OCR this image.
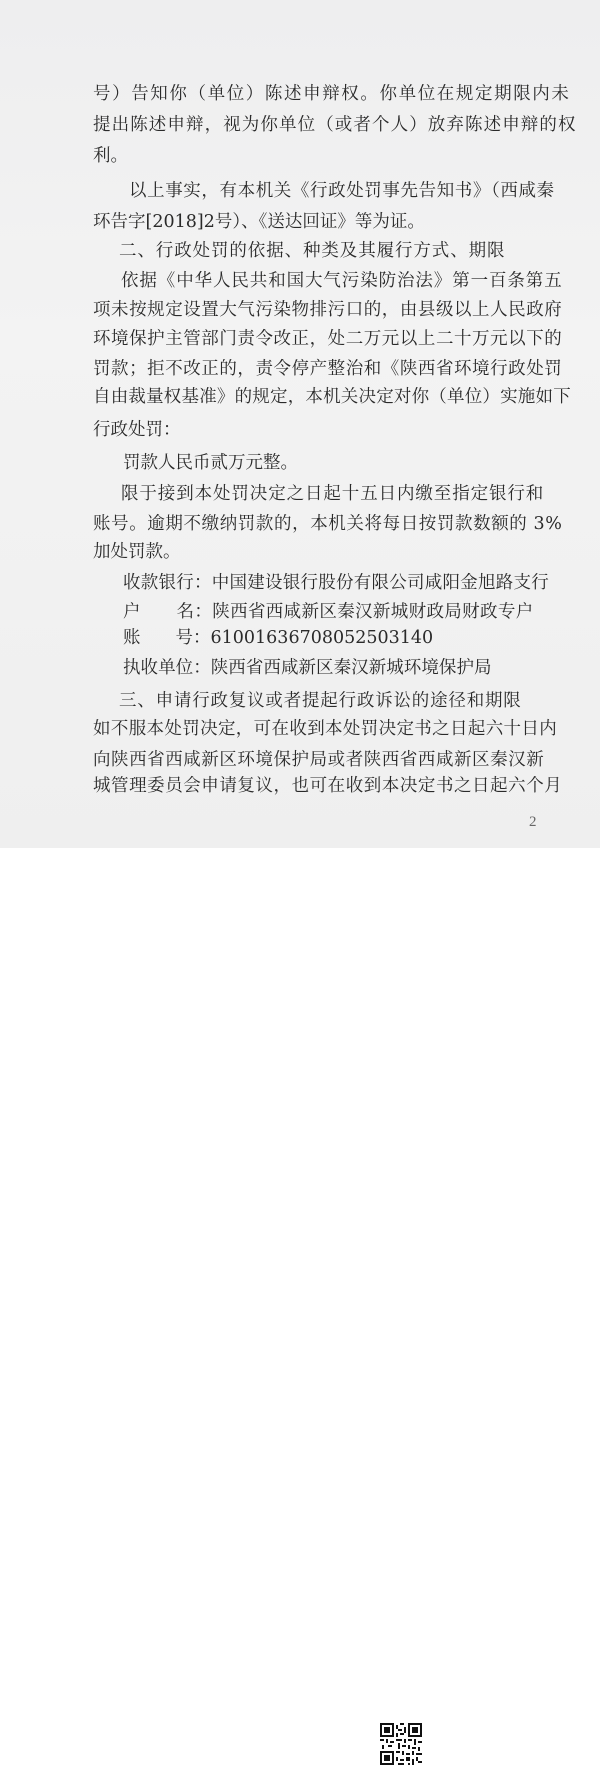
号）告知你（单位）陈述申辩权。你单位在规定期限内未
提出陈述申辩，视为你单位（或者个人）放弃陈述申辩的权
利。
以上事实，有本机关《行政处罚事先告知书》（西咸秦
环告字[2018]2号）、《送达回证》等为证。
二、行政处罚的依据、种类及其履行方式、期限
依据《中华人民共和国大气污染防治法》第一百条第五
项未按规定设置大气污染物排污口的，由县级以上人民政府
环境保护主管部门责令改正，处二万元以上二十万元以下的
罚款；拒不改正的，责令停产整治和《陕西省环境行政处罚
自由裁量权基准》的规定，本机关决定对你（单位）实施如下
行政处罚：
罚款人民币贰万元整。
限于接到本处罚决定之日起十五日内缴至指定银行和
账号。逾期不缴纳罚款的，本机关将每日按罚款数额的 3%
加处罚款。
收款银行：中国建设银行股份有限公司咸阳金旭路支行
户　　名：陕西省西咸新区秦汉新城财政局财政专户
账　　号：61001636708052503140
执收单位：陕西省西咸新区秦汉新城环境保护局
三、申请行政复议或者提起行政诉讼的途径和期限
如不服本处罚决定，可在收到本处罚决定书之日起六十日内
向陕西省西咸新区环境保护局或者陕西省西咸新区秦汉新
城管理委员会申请复议，也可在收到本决定书之日起六个月
2
